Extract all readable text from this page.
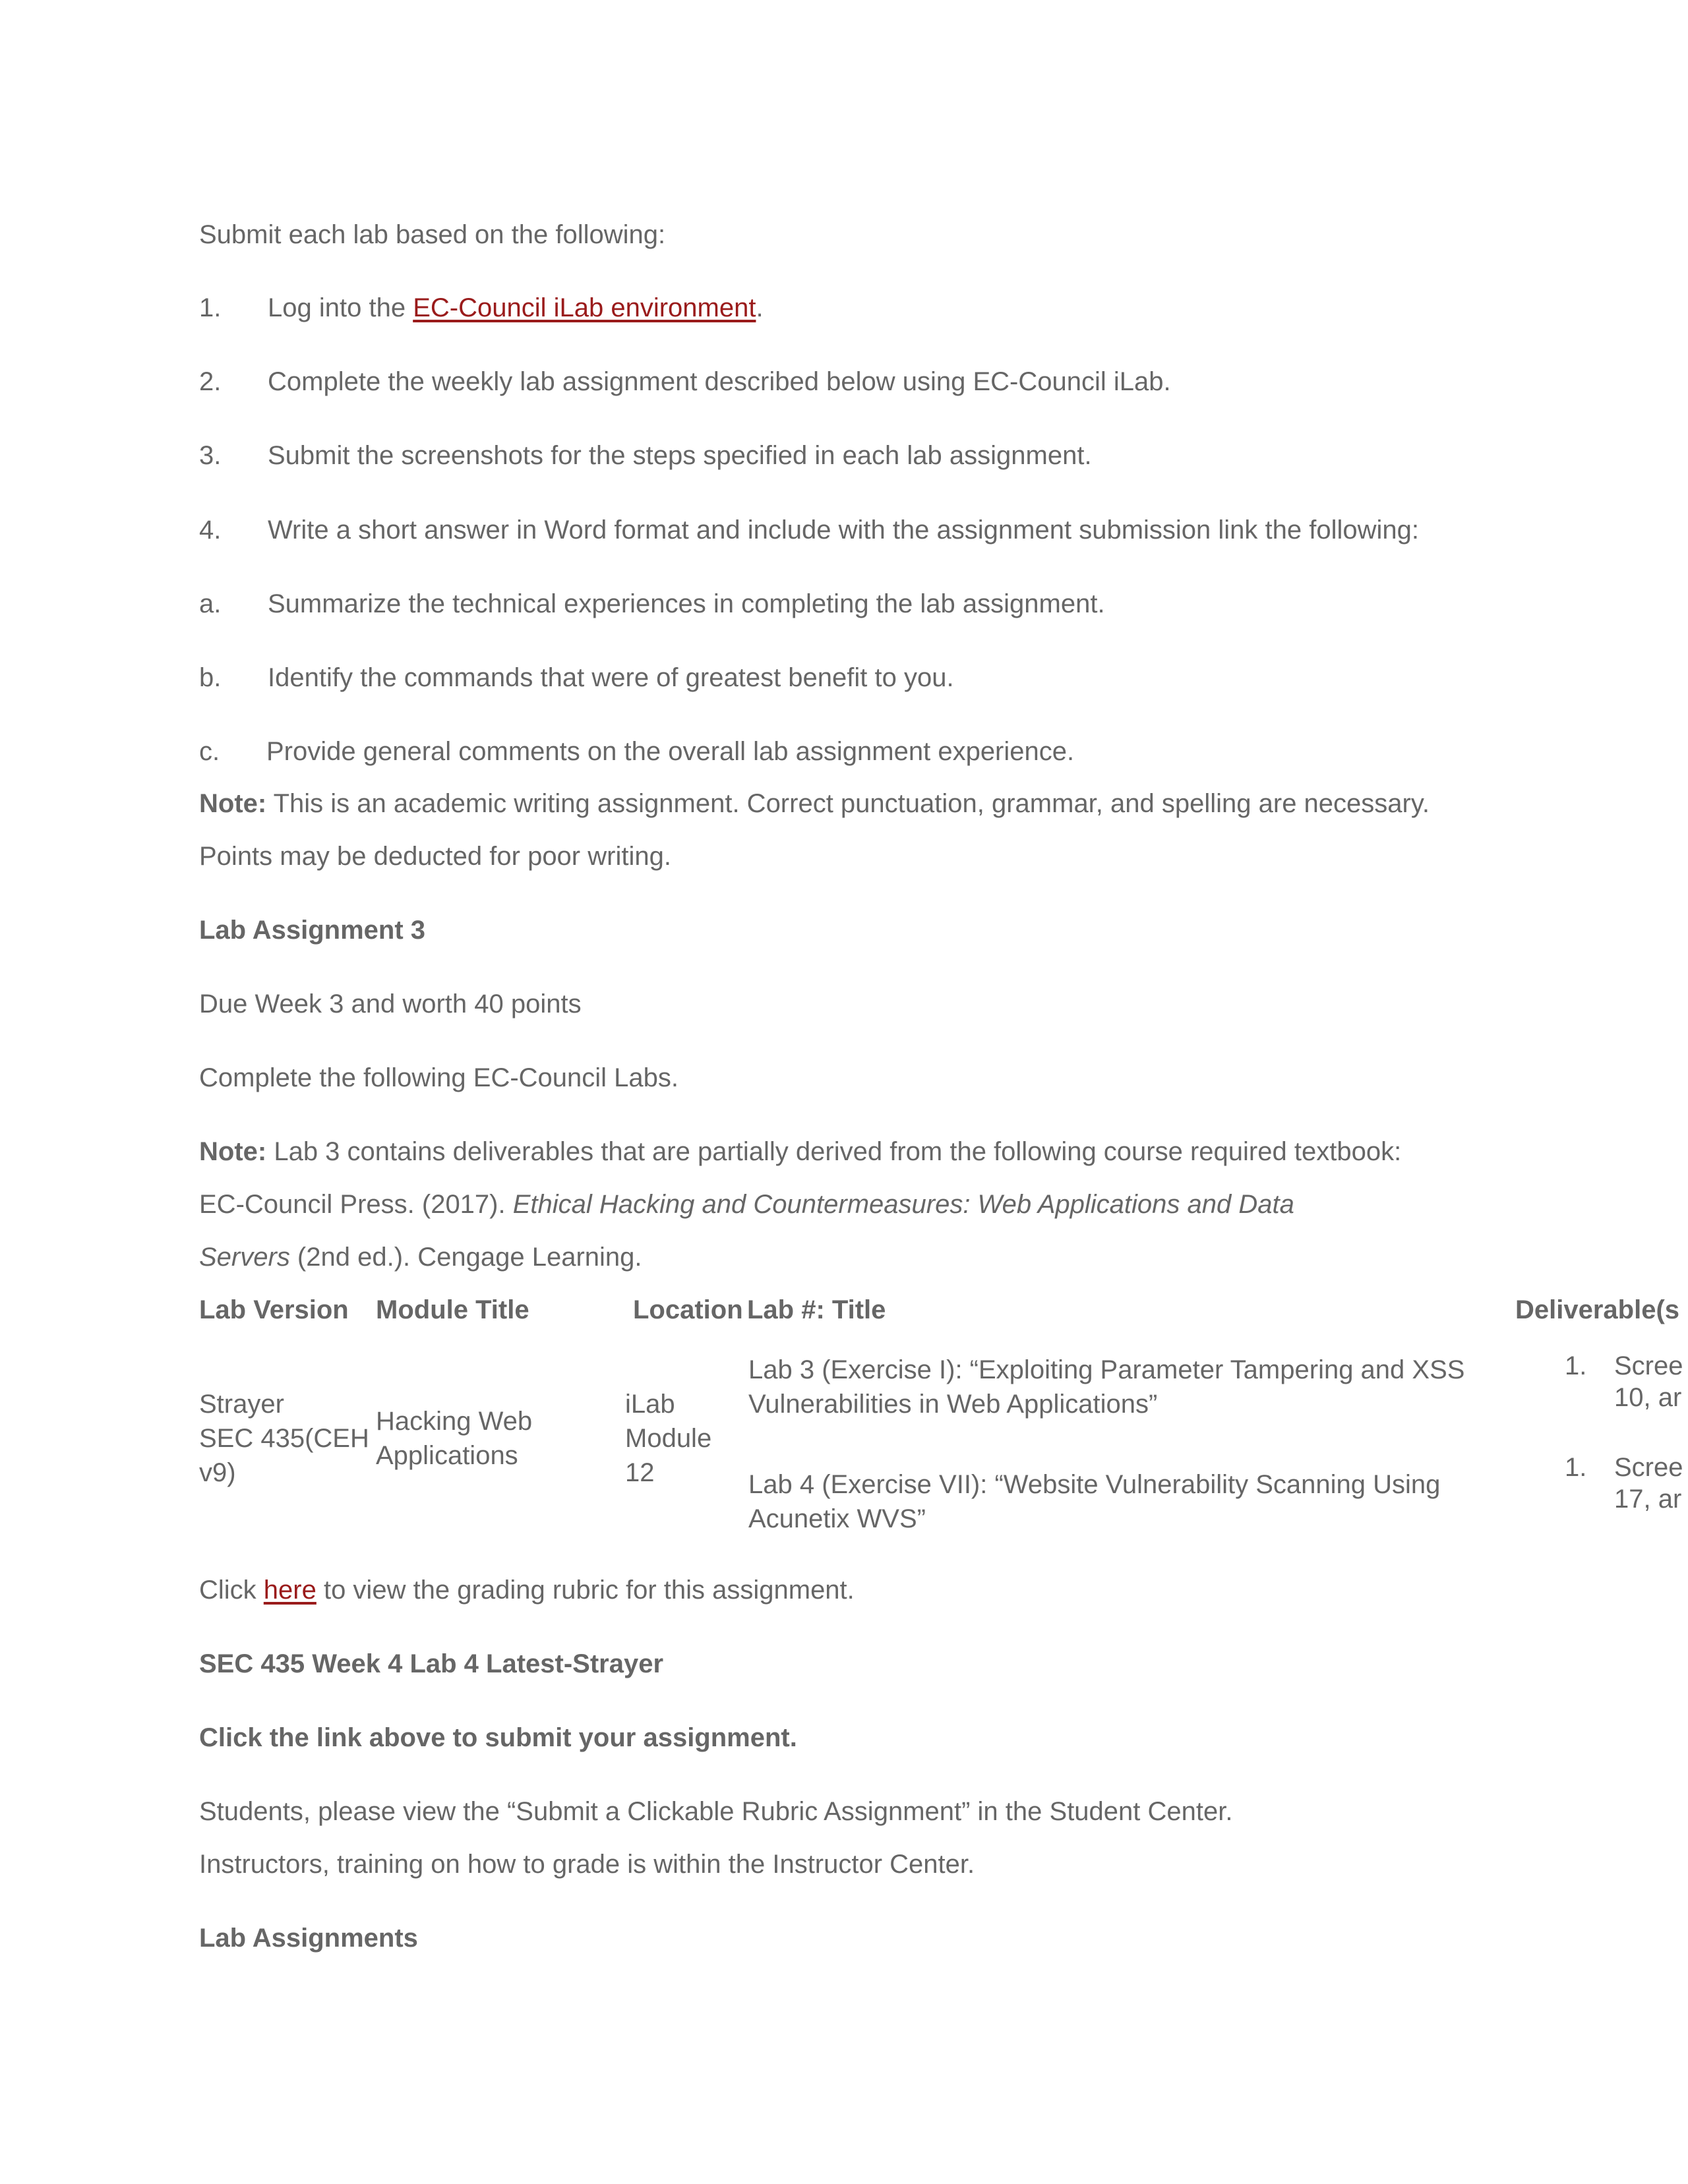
Submit each lab based on the following:
1. Log into the EC-Council iLab environment.
2. Complete the weekly lab assignment described below using EC-Council iLab.
3. Submit the screenshots for the steps specified in each lab assignment.
4. Write a short answer in Word format and include with the assignment submission link the following:
a. Summarize the technical experiences in completing the lab assignment.
b. Identify the commands that were of greatest benefit to you.
c. Provide general comments on the overall lab assignment experience.
Note: This is an academic writing assignment. Correct punctuation, grammar, and spelling are necessary.
Points may be deducted for poor writing.
Lab Assignment 3
Due Week 3 and worth 40 points
Complete the following EC-Council Labs.
Note: Lab 3 contains deliverables that are partially derived from the following course required textbook:
EC-Council Press. (2017). Ethical Hacking and Countermeasures: Web Applications and Data
Servers (2nd ed.). Cengage Learning.
Lab Version Module Title	Location Lab #: Title	Deliverable(s
Strayer
SEC 435(CEH
v9)
Hacking Web
Applications
iLab
Module
12
Lab 3 (Exercise I): “Exploiting Parameter Tampering and XSS
Vulnerabilities in Web Applications”
Lab 4 (Exercise VII): “Website Vulnerability Scanning Using
Acunetix WVS”
1. Scree
10, ar
1. Scree
17, ar
Click here to view the grading rubric for this assignment.
SEC 435 Week 4 Lab 4 Latest-Strayer
Click the link above to submit your assignment.
Students, please view the “Submit a Clickable Rubric Assignment” in the Student Center.
Instructors, training on how to grade is within the Instructor Center.
Lab Assignments
